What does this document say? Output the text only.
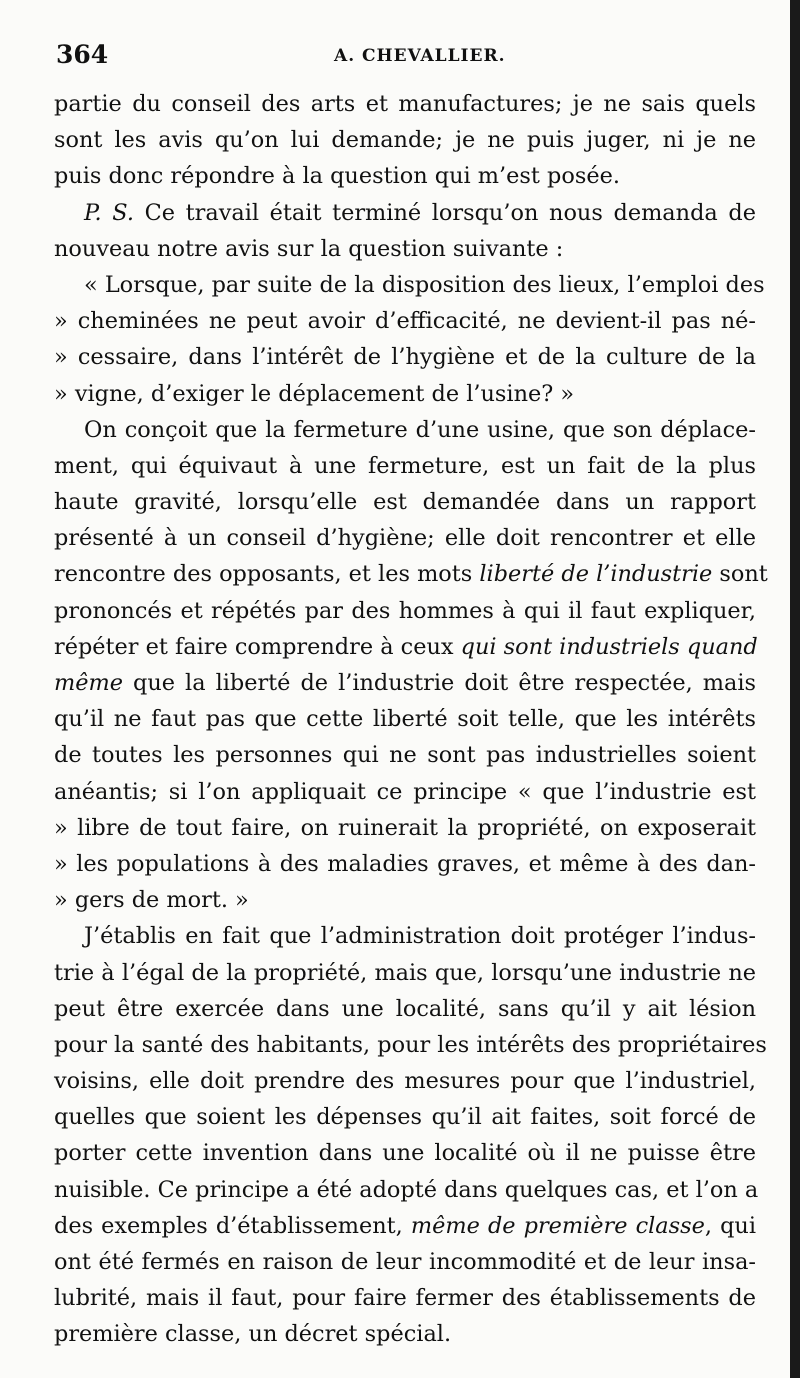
364	A. CHEVALLIER.
partie du conseil des arts et manufactures; je ne sais quels
sont les avis qu’on lui demande; je ne puis juger, ni je ne
puis donc répondre à la question qui m’est posée.
P. S. Ce travail était terminé lorsqu’on nous demanda de
nouveau notre avis sur la question suivante :
« Lorsque, par suite de la disposition des lieux, l’emploi des
» cheminées ne peut avoir d’efficacité, ne devient-il pas né-
» cessaire, dans l’intérêt de l’hygiène et de la culture de la
» vigne, d’exiger le déplacement de l’usine? »
On conçoit que la fermeture d’une usine, que son déplace-
ment, qui équivaut à une fermeture, est un fait de la plus
haute gravité, lorsqu’elle est demandée dans un rapport
présenté à un conseil d’hygiène; elle doit rencontrer et elle
rencontre des opposants, et les mots liberté de l’industrie sont
prononcés et répétés par des hommes à qui il faut expliquer,
répéter et faire comprendre à ceux qui sont industriels quand
même que la liberté de l’industrie doit être respectée, mais
qu’il ne faut pas que cette liberté soit telle, que les intérêts
de toutes les personnes qui ne sont pas industrielles soient
anéantis; si l’on appliquait ce principe « que l’industrie est
» libre de tout faire, on ruinerait la propriété, on exposerait
» les populations à des maladies graves, et même à des dan-
» gers de mort. »
J’établis en fait que l’administration doit protéger l’indus-
trie à l’égal de la propriété, mais que, lorsqu’une industrie ne
peut être exercée dans une localité, sans qu’il y ait lésion
pour la santé des habitants, pour les intérêts des propriétaires
voisins, elle doit prendre des mesures pour que l’industriel,
quelles que soient les dépenses qu’il ait faites, soit forcé de
porter cette invention dans une localité où il ne puisse être
nuisible. Ce principe a été adopté dans quelques cas, et l’on a
des exemples d’établissement, même de première classe, qui
ont été fermés en raison de leur incommodité et de leur insa-
lubrité, mais il faut, pour faire fermer des établissements de
première classe, un décret spécial.
